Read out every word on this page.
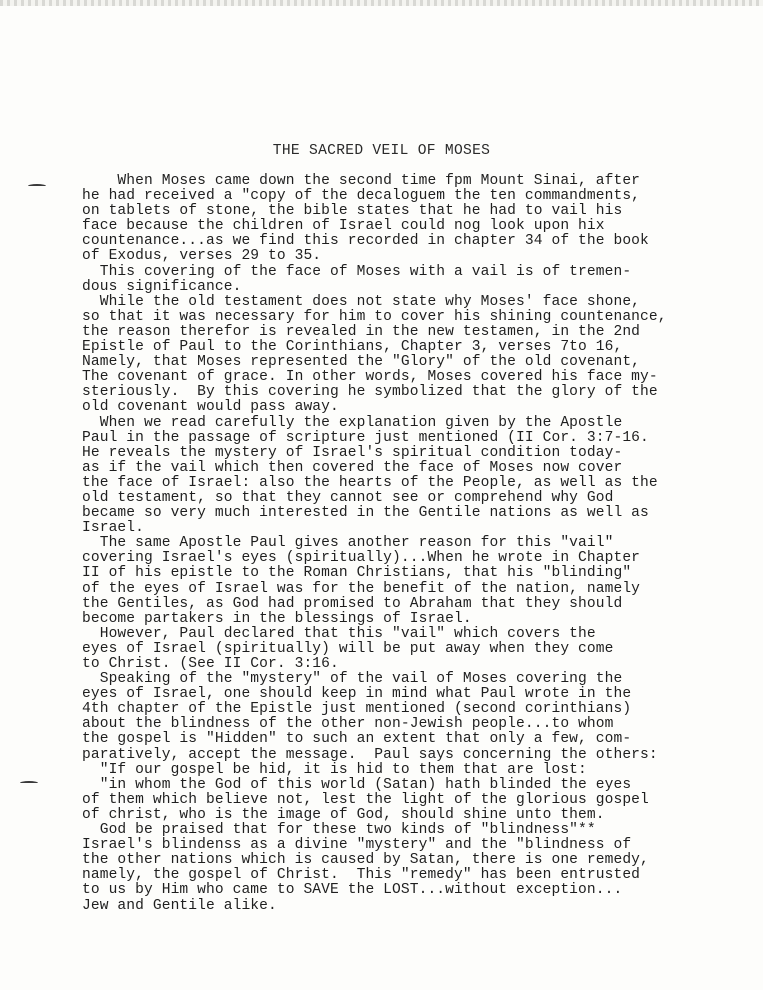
THE SACRED VEIL OF MOSES
When Moses came down the second time fpm Mount Sinai, after
he had received a "copy of the decaloguem the ten commandments,
on tablets of stone, the bible states that he had to vail his
face because the children of Israel could nog look upon hix
countenance...as we find this recorded in chapter 34 of the book
of Exodus, verses 29 to 35.
This covering of the face of Moses with a vail is of tremen-
dous significance.
While the old testament does not state why Moses' face shone,
so that it was necessary for him to cover his shining countenance,
the reason therefor is revealed in the new testamen, in the 2nd
Epistle of Paul to the Corinthians, Chapter 3, verses 7to 16,
Namely, that Moses represented the "Glory" of the old covenant,
The covenant of grace. In other words, Moses covered his face my-
steriously.  By this covering he symbolized that the glory of the
old covenant would pass away.
When we read carefully the explanation given by the Apostle
Paul in the passage of scripture just mentioned (II Cor. 3:7-16.
He reveals the mystery of Israel's spiritual condition today-
as if the vail which then covered the face of Moses now cover
the face of Israel: also the hearts of the People, as well as the
old testament, so that they cannot see or comprehend why God
became so very much interested in the Gentile nations as well as
Israel.
The same Apostle Paul gives another reason for this "vail"
covering Israel's eyes (spiritually)...When he wrote in Chapter
II of his epistle to the Roman Christians, that his "blinding"
of the eyes of Israel was for the benefit of the nation, namely
the Gentiles, as God had promised to Abraham that they should
become partakers in the blessings of Israel.
However, Paul declared that this "vail" which covers the
eyes of Israel (spiritually) will be put away when they come
to Christ. (See II Cor. 3:16.
Speaking of the "mystery" of the vail of Moses covering the
eyes of Israel, one should keep in mind what Paul wrote in the
4th chapter of the Epistle just mentioned (second corinthians)
about the blindness of the other non-Jewish people...to whom
the gospel is "Hidden" to such an extent that only a few, com-
paratively, accept the message.  Paul says concerning the others:
"If our gospel be hid, it is hid to them that are lost:
"in whom the God of this world (Satan) hath blinded the eyes
of them which believe not, lest the light of the glorious gospel
of christ, who is the image of God, should shine unto them.
God be praised that for these two kinds of "blindness"**
Israel's blindenss as a divine "mystery" and the "blindness of
the other nations which is caused by Satan, there is one remedy,
namely, the gospel of Christ.  This "remedy" has been entrusted
to us by Him who came to SAVE the LOST...without exception...
Jew and Gentile alike.
